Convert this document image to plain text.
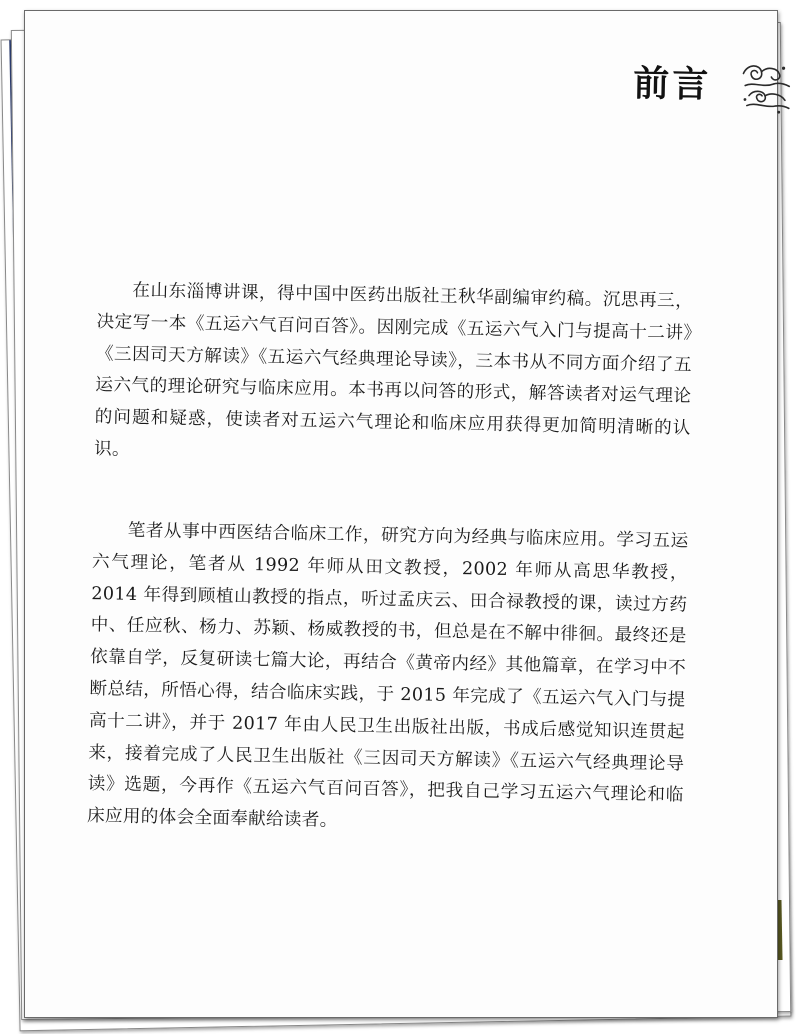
前言

在山东淄博讲课，得中国中医药出版社王秋华副编审约稿。沉思再三，决定写一本《五运六气百问百答》。因刚完成《五运六气入门与提高十二讲》《三因司天方解读》《五运六气经典理论导读》，三本书从不同方面介绍了五运六气的理论研究与临床应用。本书再以问答的形式，解答读者对运气理论的问题和疑惑，使读者对五运六气理论和临床应用获得更加简明清晰的认识。

笔者从事中西医结合临床工作，研究方向为经典与临床应用。学习五运六气理论，笔者从 1992 年师从田文教授，2002 年师从高思华教授，2014 年得到顾植山教授的指点，听过孟庆云、田合禄教授的课，读过方药中、任应秋、杨力、苏颖、杨威教授的书，但总是在不解中徘徊。最终还是依靠自学，反复研读七篇大论，再结合《黄帝内经》其他篇章，在学习中不断总结，所悟心得，结合临床实践，于 2015 年完成了《五运六气入门与提高十二讲》，并于 2017 年由人民卫生出版社出版，书成后感觉知识连贯起来，接着完成了人民卫生出版社《三因司天方解读》《五运六气经典理论导读》选题，今再作《五运六气百问百答》，把我自己学习五运六气理论和临床应用的体会全面奉献给读者。
